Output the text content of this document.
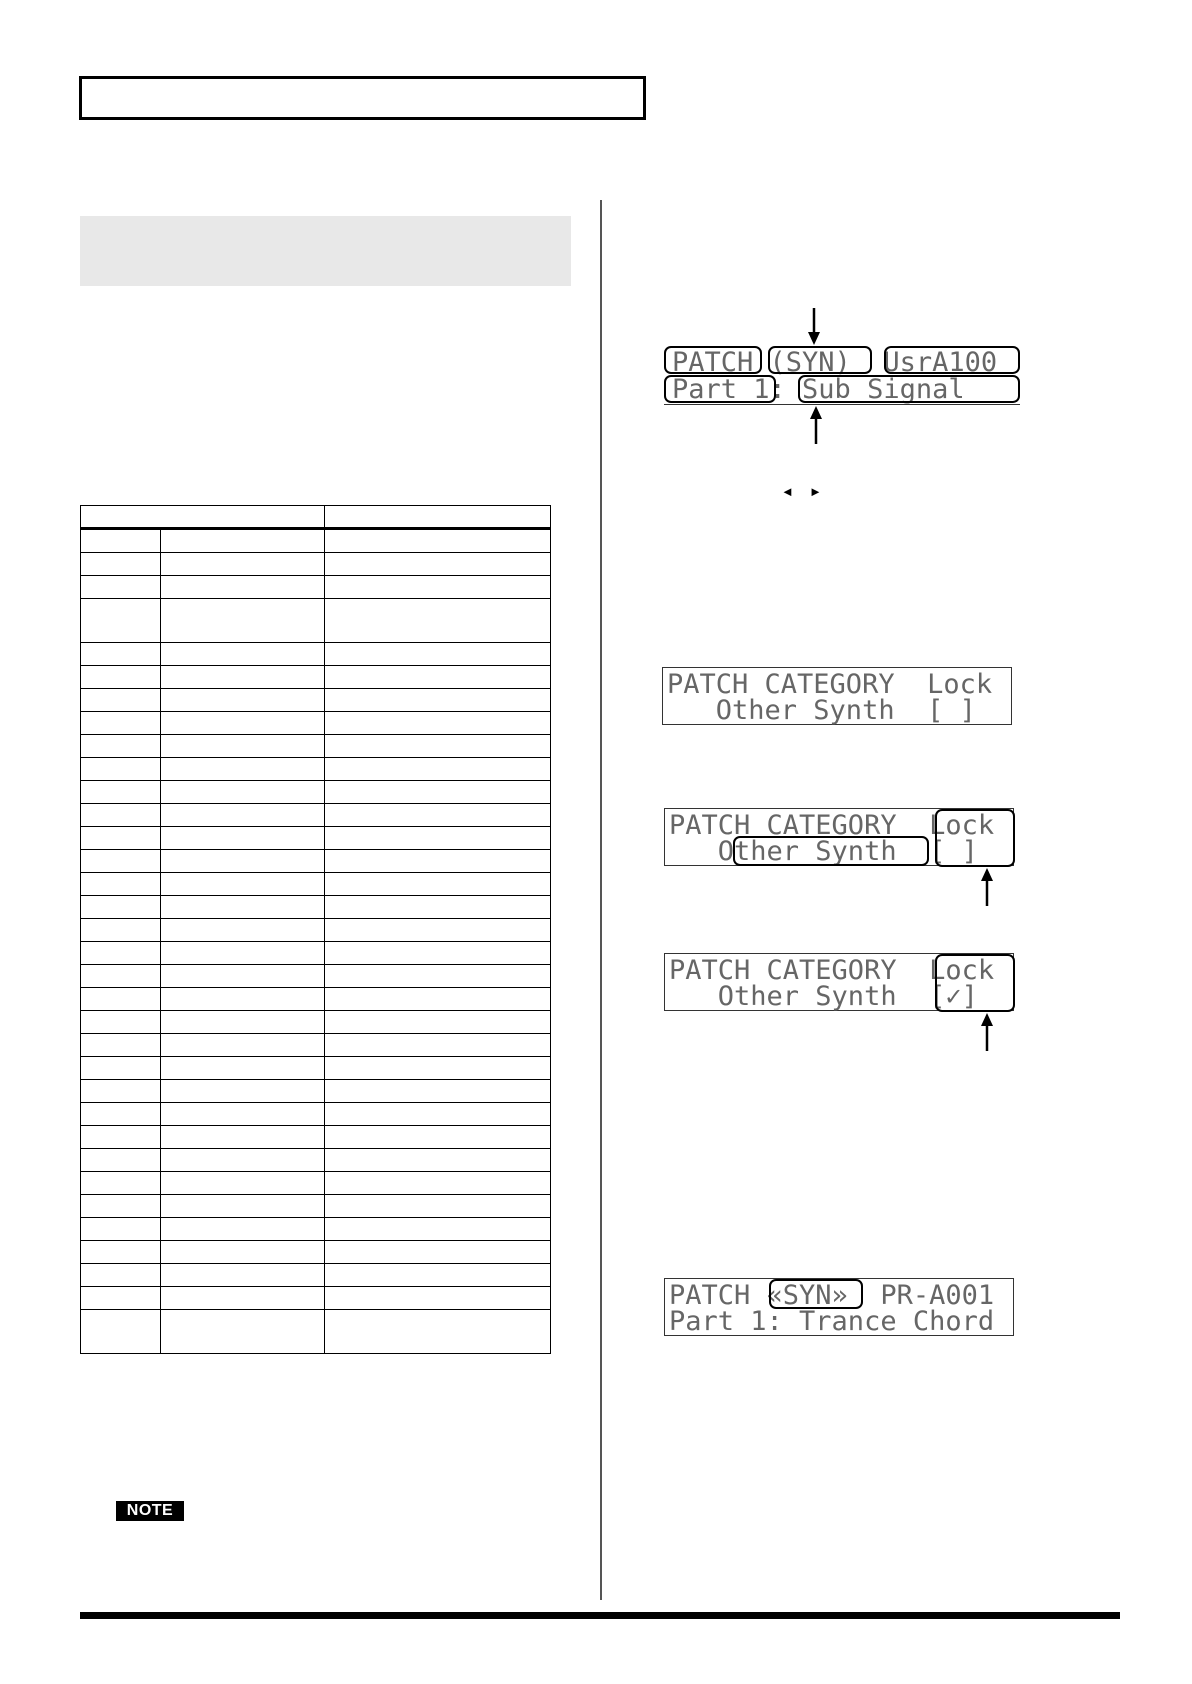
NOTE
PATCH (SYN)  UsrA100
Part 1: Sub Signal
◄ ►
PATCH CATEGORY  Lock
Other Synth  [ ]
PATCH CATEGORY  Lock
Other Synth  [ ]
PATCH CATEGORY  Lock
Other Synth  [✓]
PATCH «SYN»  PR-A001
Part 1: Trance Chord
